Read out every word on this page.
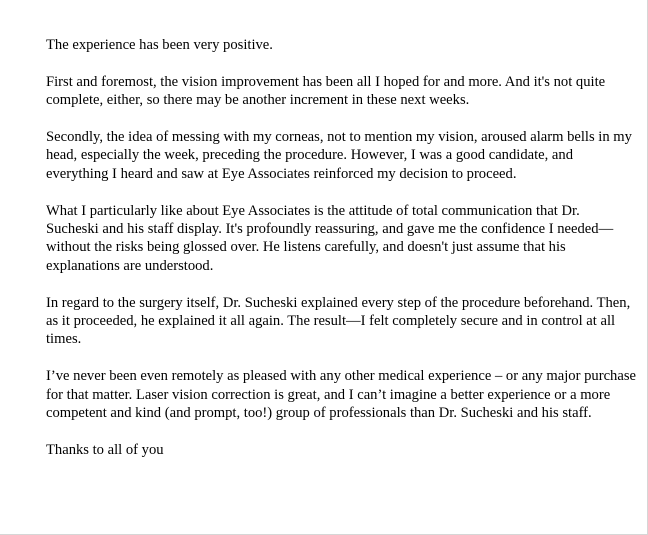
The experience has been very positive.

First and foremost, the vision improvement has been all I hoped for and more. And it's not quite complete, either, so there may be another increment in these next weeks.

Secondly, the idea of messing with my corneas, not to mention my vision, aroused alarm bells in my head, especially the week, preceding the procedure. However, I was a good candidate, and everything I heard and saw at Eye Associates reinforced my decision to proceed.

What I particularly like about Eye Associates is the attitude of total communication that Dr. Sucheski and his staff display. It's profoundly reassuring, and gave me the confidence I needed—without the risks being glossed over. He listens carefully, and doesn't just assume that his explanations are understood.

In regard to the surgery itself, Dr. Sucheski explained every step of the procedure beforehand. Then, as it proceeded, he explained it all again. The result—I felt completely secure and in control at all times.

I’ve never been even remotely as pleased with any other medical experience – or any major purchase for that matter. Laser vision correction is great, and I can’t imagine a better experience or a more competent and kind (and prompt, too!) group of professionals than Dr. Sucheski and his staff.

Thanks to all of you
